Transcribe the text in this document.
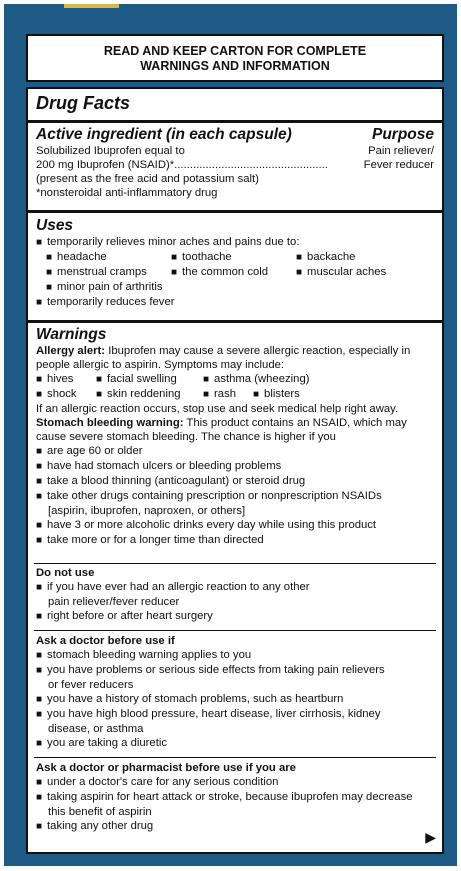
READ AND KEEP CARTON FOR COMPLETE
WARNINGS AND INFORMATION
Drug Facts
Active ingredient (in each capsule)	Purpose
Solubilized Ibuprofen equal to	Pain reliever/
200 mg Ibuprofen (NSAID)*.................................................	Fever reducer
(present as the free acid and potassium salt)
*nonsteroidal anti-inflammatory drug
Uses
■ temporarily relieves minor aches and pains due to:
■ headache	■ toothache	■ backache
■ menstrual cramps	■ the common cold	■ muscular aches
■ minor pain of arthritis
■ temporarily reduces fever
Warnings
Allergy alert: Ibuprofen may cause a severe allergic reaction, especially in
people allergic to aspirin. Symptoms may include:
■ hives	■ facial swelling	■ asthma (wheezing)
■ shock	■ skin reddening	■ rash	■ blisters
If an allergic reaction occurs, stop use and seek medical help right away.
Stomach bleeding warning: This product contains an NSAID, which may
cause severe stomach bleeding. The chance is higher if you
■ are age 60 or older
■ have had stomach ulcers or bleeding problems
■ take a blood thinning (anticoagulant) or steroid drug
■ take other drugs containing prescription or nonprescription NSAIDs
[aspirin, ibuprofen, naproxen, or others]
■ have 3 or more alcoholic drinks every day while using this product
■ take more or for a longer time than directed
Do not use
■ if you have ever had an allergic reaction to any other
pain reliever/fever reducer
■ right before or after heart surgery
Ask a doctor before use if
■ stomach bleeding warning applies to you
■ you have problems or serious side effects from taking pain relievers
or fever reducers
■ you have a history of stomach problems, such as heartburn
■ you have high blood pressure, heart disease, liver cirrhosis, kidney
disease, or asthma
■ you are taking a diuretic
Ask a doctor or pharmacist before use if you are
■ under a doctor's care for any serious condition
■ taking aspirin for heart attack or stroke, because ibuprofen may decrease
this benefit of aspirin
■ taking any other drug
▶
